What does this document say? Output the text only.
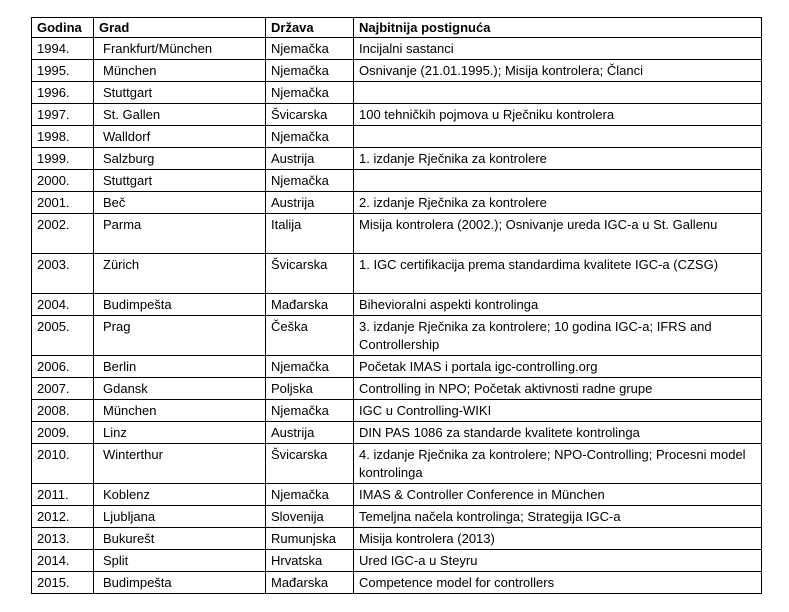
Godina	Grad	Država	Najbitnija postignuća
1994.	Frankfurt/München	Njemačka	Incijalni sastanci
1995.	München	Njemačka	Osnivanje (21.01.1995.); Misija kontrolera; Članci
1996.	Stuttgart	Njemačka	
1997.	St. Gallen	Švicarska	100 tehničkih pojmova u Rječniku kontrolera
1998.	Walldorf	Njemačka	
1999.	Salzburg	Austrija	1. izdanje Rječnika za kontrolere
2000.	Stuttgart	Njemačka	
2001.	Beč	Austrija	2. izdanje Rječnika za kontrolere
2002.	Parma	Italija	Misija kontrolera (2002.); Osnivanje ureda IGC-a u St. Gallenu
2003.	Zürich	Švicarska	1. IGC certifikacija prema standardima kvalitete IGC-a (CZSG)
2004.	Budimpešta	Mađarska	Bihevioralni aspekti kontrolinga
2005.	Prag	Češka	3. izdanje Rječnika za kontrolere; 10 godina IGC-a; IFRS and Controllership
2006.	Berlin	Njemačka	Početak IMAS i portala igc-controlling.org
2007.	Gdansk	Poljska	Controlling in NPO; Početak aktivnosti radne grupe
2008.	München	Njemačka	IGC u Controlling-WIKI
2009.	Linz	Austrija	DIN PAS 1086 za standarde kvalitete kontrolinga
2010.	Winterthur	Švicarska	4. izdanje Rječnika za kontrolere; NPO-Controlling; Procesni model kontrolinga
2011.	Koblenz	Njemačka	IMAS & Controller Conference in München
2012.	Ljubljana	Slovenija	Temeljna načela kontrolinga; Strategija IGC-a
2013.	Bukurešt	Rumunjska	Misija kontrolera (2013)
2014.	Split	Hrvatska	Ured IGC-a u Steyru
2015.	Budimpešta	Mađarska	Competence model for controllers
